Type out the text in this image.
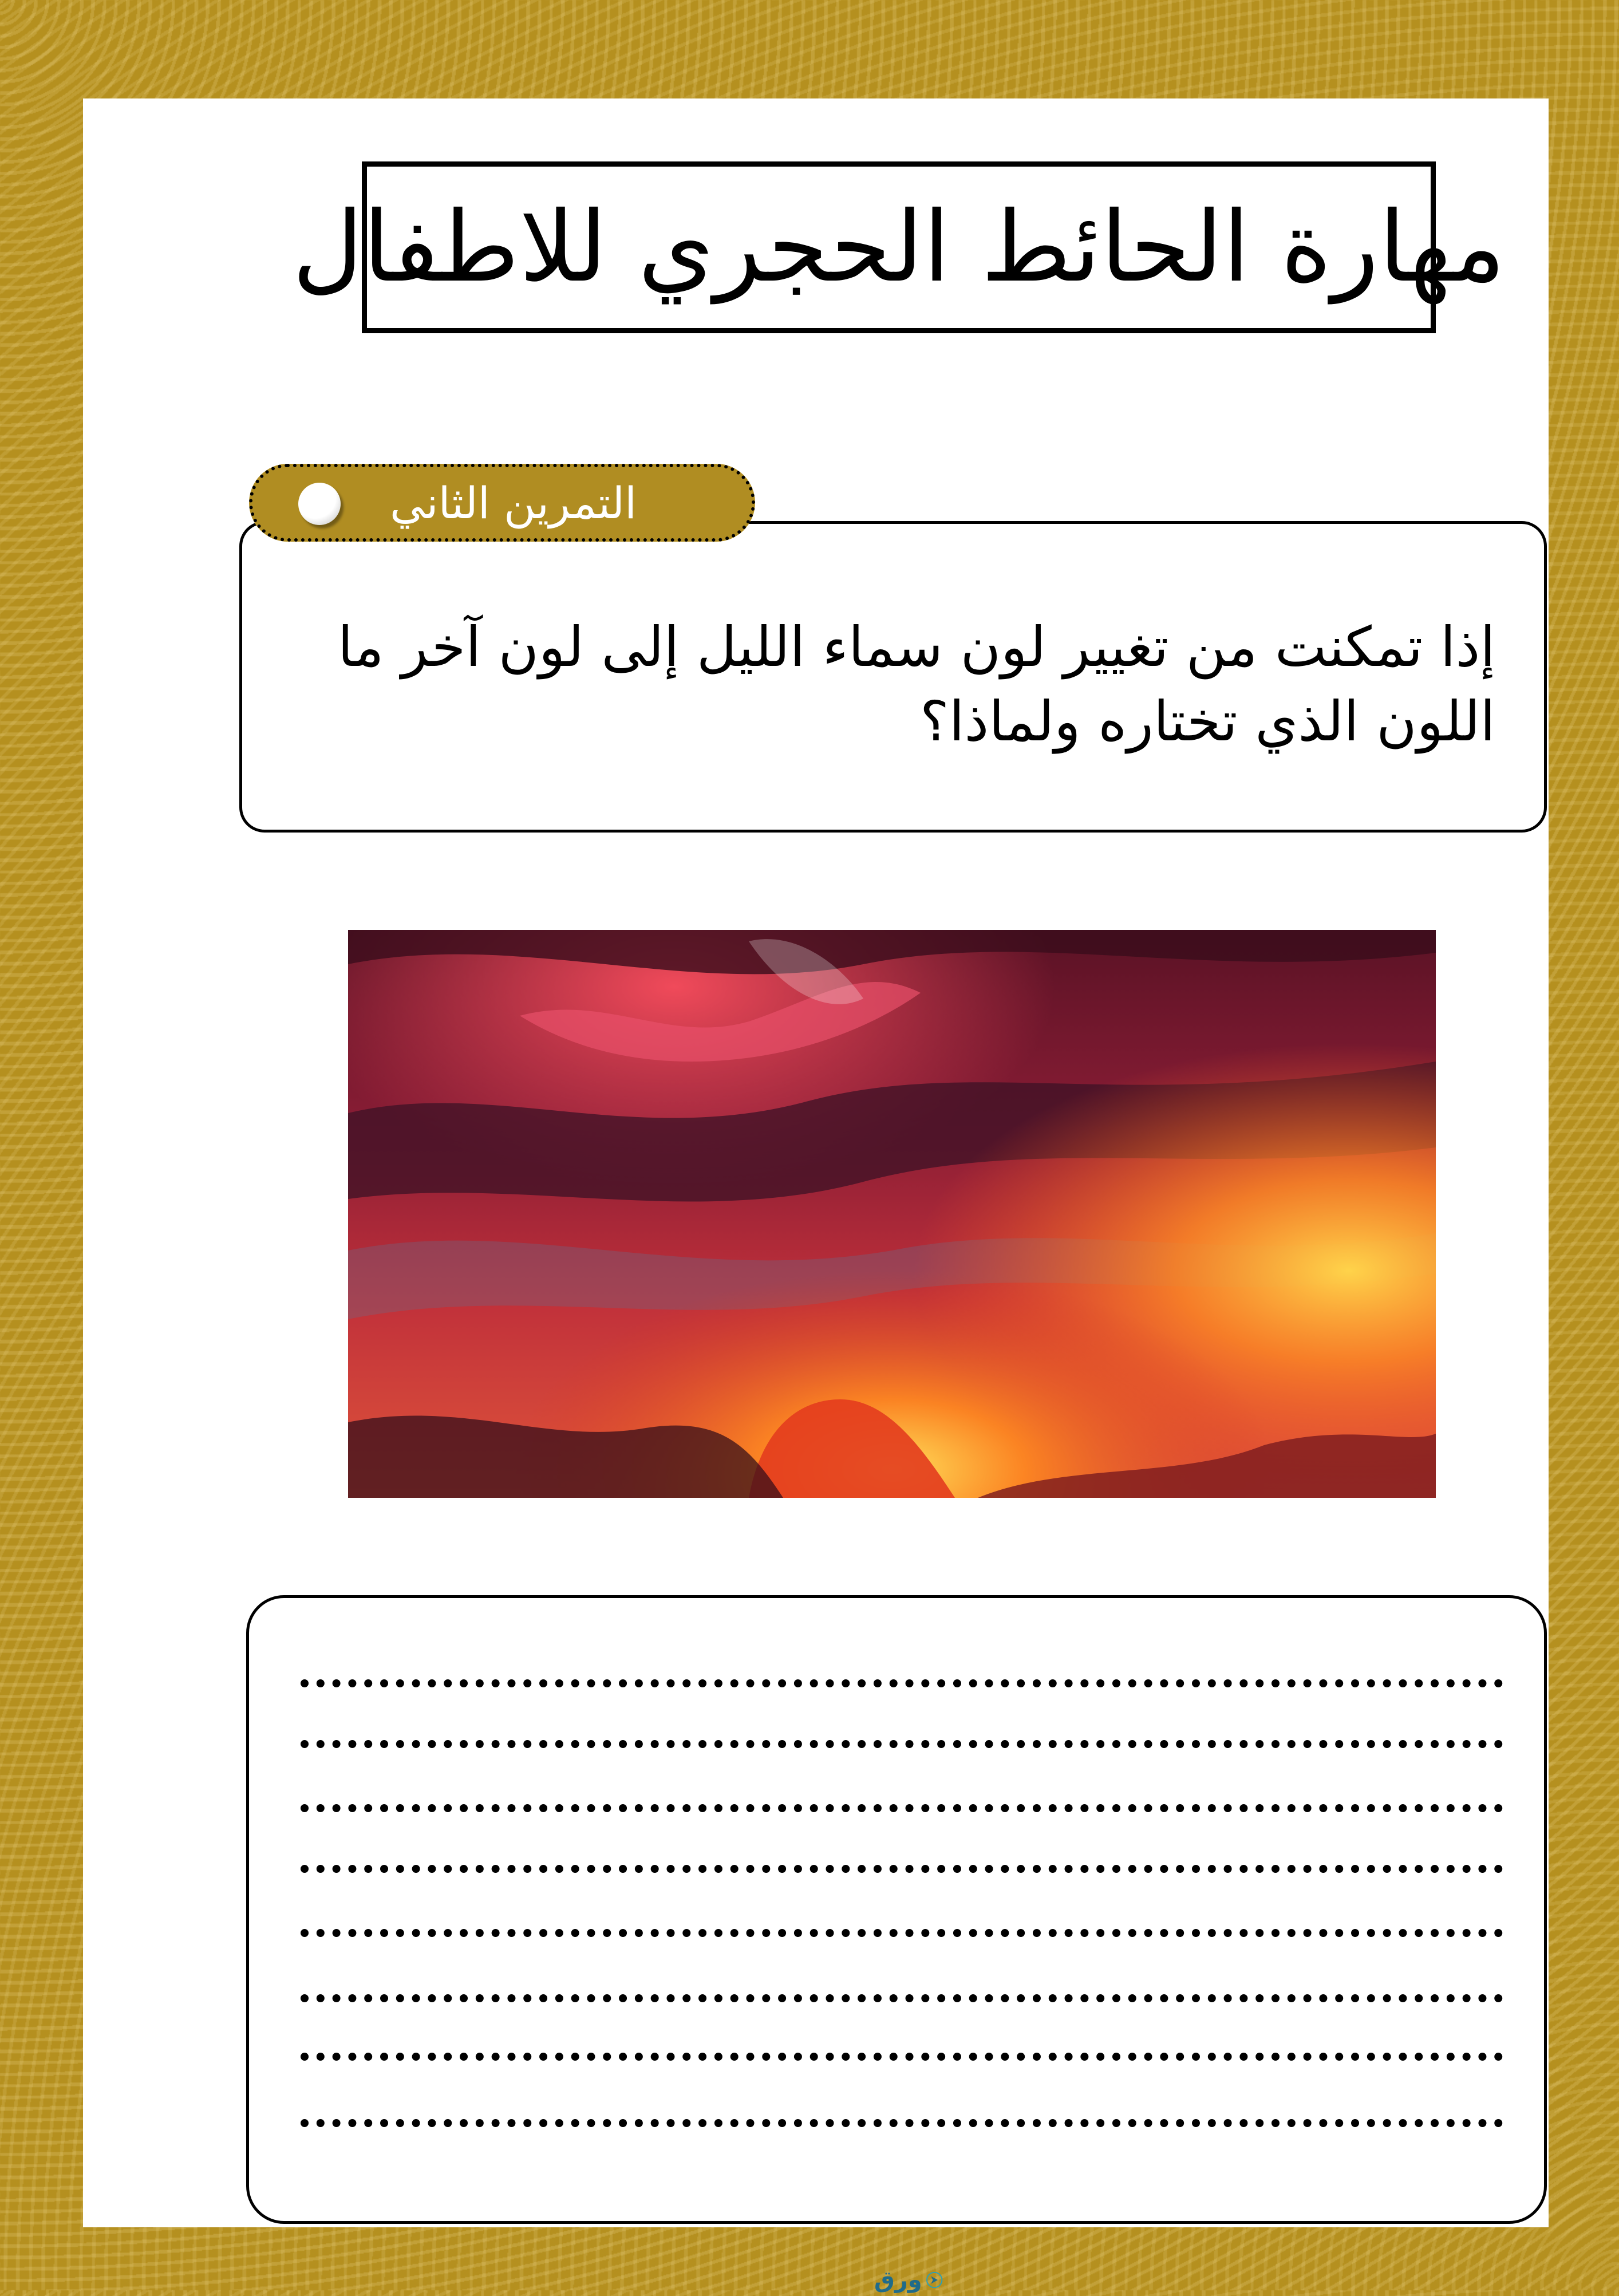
مهارة الحائط الحجري للاطفال
إذا تمكنت من تغيير لون سماء الليل إلى لون آخر ما اللون الذي تختاره ولماذا؟
التمرين الثاني
ورق
